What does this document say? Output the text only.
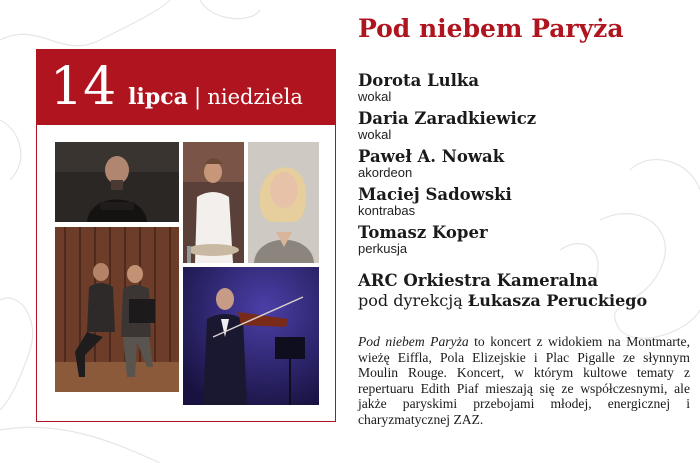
14 lipca | niedziela
Pod niebem Paryża
Dorota Lulka
wokal
Daria Zaradkiewicz
wokal
Paweł A. Nowak
akordeon
Maciej Sadowski
kontrabas
Tomasz Koper
perkusja
ARC Orkiestra Kameralna
pod dyrekcją Łukasza Peruckiego
Pod niebem Paryża to koncert z widokiem na Montmarte, wieżę Eiffla, Pola Elizejskie i Plac Pigalle ze słynnym Moulin Rouge. Koncert, w którym kultowe tematy z repertuaru Edith Piaf mieszają się ze współczesnymi, ale jakże paryskimi przebojami młodej, energicznej i charyzmatycznej ZAZ.
